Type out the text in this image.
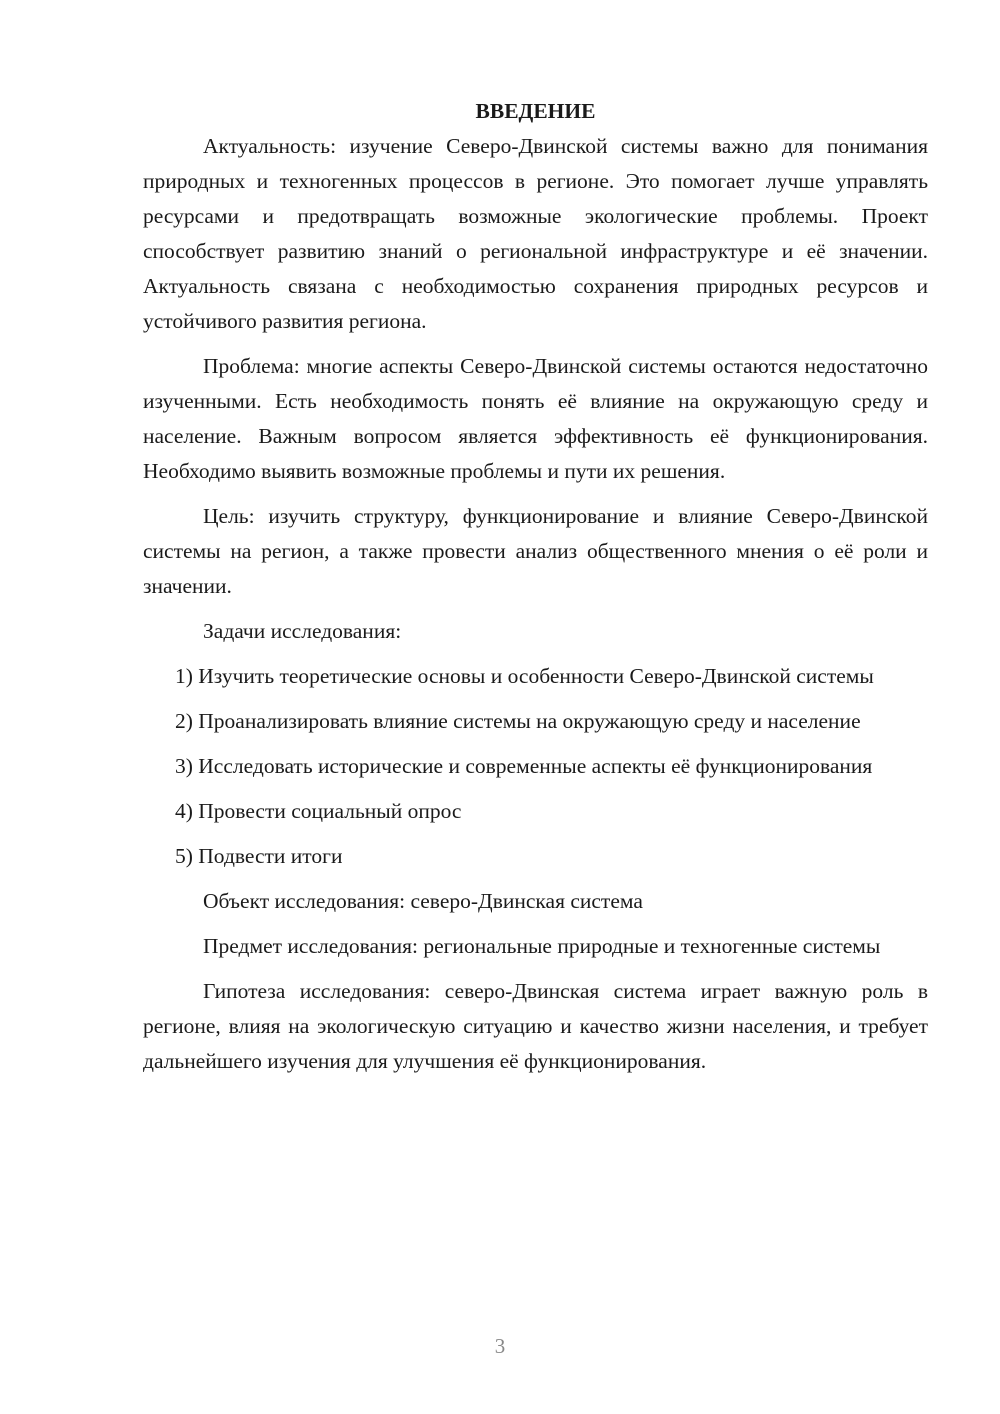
ВВЕДЕНИЕ

Актуальность: изучение Северо-Двинской системы важно для понимания природных и техногенных процессов в регионе. Это помогает лучше управлять ресурсами и предотвращать возможные экологические проблемы. Проект способствует развитию знаний о региональной инфраструктуре и её значении. Актуальность связана с необходимостью сохранения природных ресурсов и устойчивого развития региона.

Проблема: многие аспекты Северо-Двинской системы остаются недостаточно изученными. Есть необходимость понять её влияние на окружающую среду и население. Важным вопросом является эффективность её функционирования. Необходимо выявить возможные проблемы и пути их решения.

Цель: изучить структуру, функционирование и влияние Северо-Двинской системы на регион, а также провести анализ общественного мнения о её роли и значении.

Задачи исследования:

1) Изучить теоретические основы и особенности Северо-Двинской системы

2) Проанализировать влияние системы на окружающую среду и население

3) Исследовать исторические и современные аспекты её функционирования

4) Провести социальный опрос

5) Подвести итоги

Объект исследования: северо-Двинская система

Предмет исследования: региональные природные и техногенные системы

Гипотеза исследования: северо-Двинская система играет важную роль в регионе, влияя на экологическую ситуацию и качество жизни населения, и требует дальнейшего изучения для улучшения её функционирования.

3
